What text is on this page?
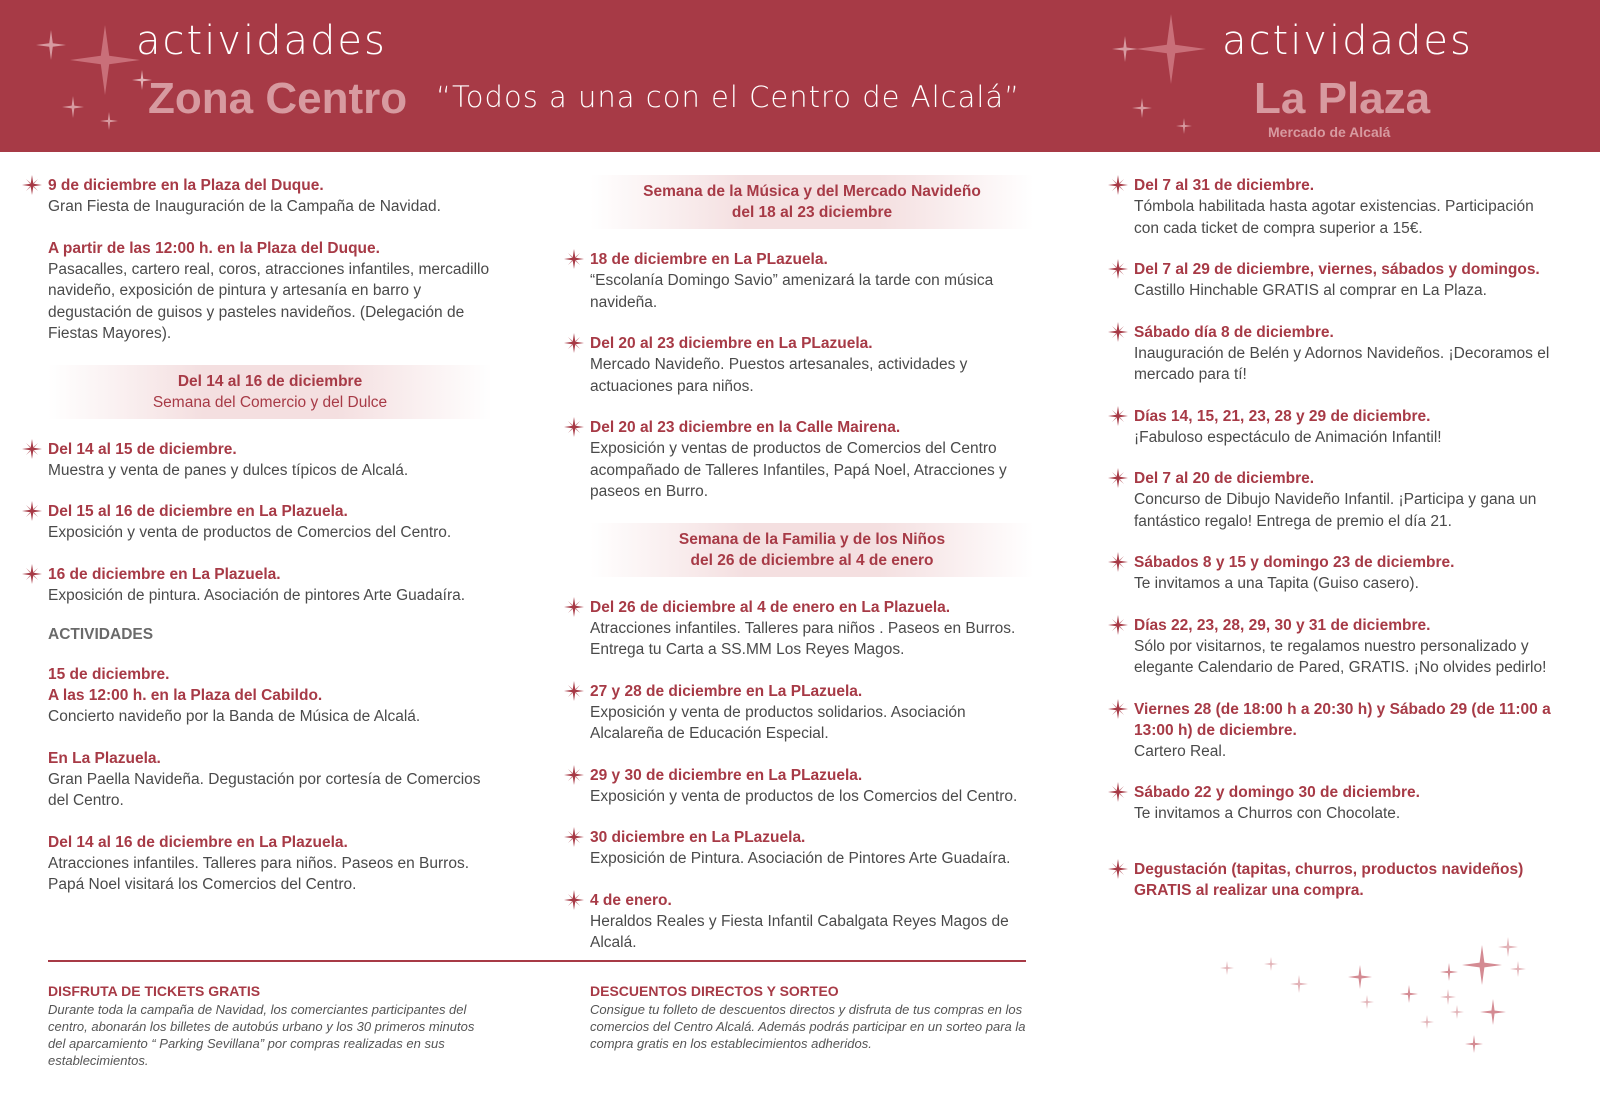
actividades
Zona Centro “Todos a una con el Centro de Alcalá”
actividades
La Plaza
Mercado de Alcalá
9 de diciembre en la Plaza del Duque.
Gran Fiesta de Inauguración de la Campaña de Navidad.
A partir de las 12:00 h. en la Plaza del Duque.
Pasacalles, cartero real, coros, atracciones infantiles, mercadillo navideño, exposición de pintura y artesanía en barro y degustación de guisos y pasteles navideños. (Delegación de Fiestas Mayores).
Del 14 al 16 de diciembre
Semana del Comercio y del Dulce
Del 14 al 15 de diciembre.
Muestra y venta de panes y dulces típicos de Alcalá.
Del 15 al 16 de diciembre en La Plazuela.
Exposición y venta de productos de Comercios del Centro.
16 de diciembre en La Plazuela.
Exposición de pintura. Asociación de pintores Arte Guadaíra.
ACTIVIDADES
15 de diciembre.
A las 12:00 h. en la Plaza del Cabildo.
Concierto navideño por la Banda de Música de Alcalá.
En La Plazuela.
Gran Paella Navideña. Degustación por cortesía de Comercios del Centro.
Del 14 al 16 de diciembre en La Plazuela.
Atracciones infantiles. Talleres para niños. Paseos en Burros. Papá Noel visitará los Comercios del Centro.
Semana de la Música y del Mercado Navideño
del 18 al 23 diciembre
18 de diciembre en La PLazuela.
“Escolanía Domingo Savio” amenizará la tarde con música navideña.
Del 20 al 23 diciembre en La PLazuela.
Mercado Navideño. Puestos artesanales, actividades y actuaciones para niños.
Del 20 al 23 diciembre en la Calle Mairena.
Exposición y ventas de productos de Comercios del Centro acompañado de Talleres Infantiles, Papá Noel, Atracciones y paseos en Burro.
Semana de la Familia y de los Niños
del 26 de diciembre al 4 de enero
Del 26 de diciembre al 4 de enero en La Plazuela.
Atracciones infantiles. Talleres para niños . Paseos en Burros. Entrega tu Carta a SS.MM Los Reyes Magos.
27 y 28 de diciembre en La PLazuela.
Exposición y venta de productos solidarios. Asociación Alcalareña de Educación Especial.
29 y 30 de diciembre en La PLazuela.
Exposición y venta de productos de los Comercios del Centro.
30 diciembre en La PLazuela.
Exposición de Pintura. Asociación de Pintores Arte Guadaíra.
4 de enero.
Heraldos Reales y Fiesta Infantil Cabalgata Reyes Magos de Alcalá.
Del 7 al 31 de diciembre.
Tómbola habilitada hasta agotar existencias. Participación con cada ticket de compra superior a 15€.
Del 7 al 29 de diciembre, viernes, sábados y domingos.
Castillo Hinchable GRATIS al comprar en La Plaza.
Sábado día 8 de diciembre.
Inauguración de Belén y Adornos Navideños. ¡Decoramos el mercado para tí!
Días 14, 15, 21, 23, 28 y 29 de diciembre.
¡Fabuloso espectáculo de Animación Infantil!
Del 7 al 20 de diciembre.
Concurso de Dibujo Navideño Infantil. ¡Participa y gana un fantástico regalo! Entrega de premio el día 21.
Sábados 8 y 15 y domingo 23 de diciembre.
Te invitamos a una Tapita (Guiso casero).
Días 22, 23, 28, 29, 30 y 31 de diciembre.
Sólo por visitarnos, te regalamos nuestro personalizado y elegante Calendario de Pared, GRATIS. ¡No olvides pedirlo!
Viernes 28 (de 18:00 h a 20:30 h) y Sábado 29 (de 11:00 a 13:00 h) de diciembre.
Cartero Real.
Sábado 22 y domingo 30 de diciembre.
Te invitamos a Churros con Chocolate.
Degustación (tapitas, churros, productos navideños) GRATIS al realizar una compra.
DISFRUTA DE TICKETS GRATIS
Durante toda la campaña de Navidad, los comerciantes participantes del centro, abonarán los billetes de autobús urbano y los 30 primeros minutos del aparcamiento “ Parking Sevillana” por compras realizadas en sus establecimientos.
DESCUENTOS DIRECTOS Y SORTEO
Consigue tu folleto de descuentos directos y disfruta de tus compras en los comercios del Centro Alcalá. Además podrás participar en un sorteo para la compra gratis en los establecimientos adheridos.
